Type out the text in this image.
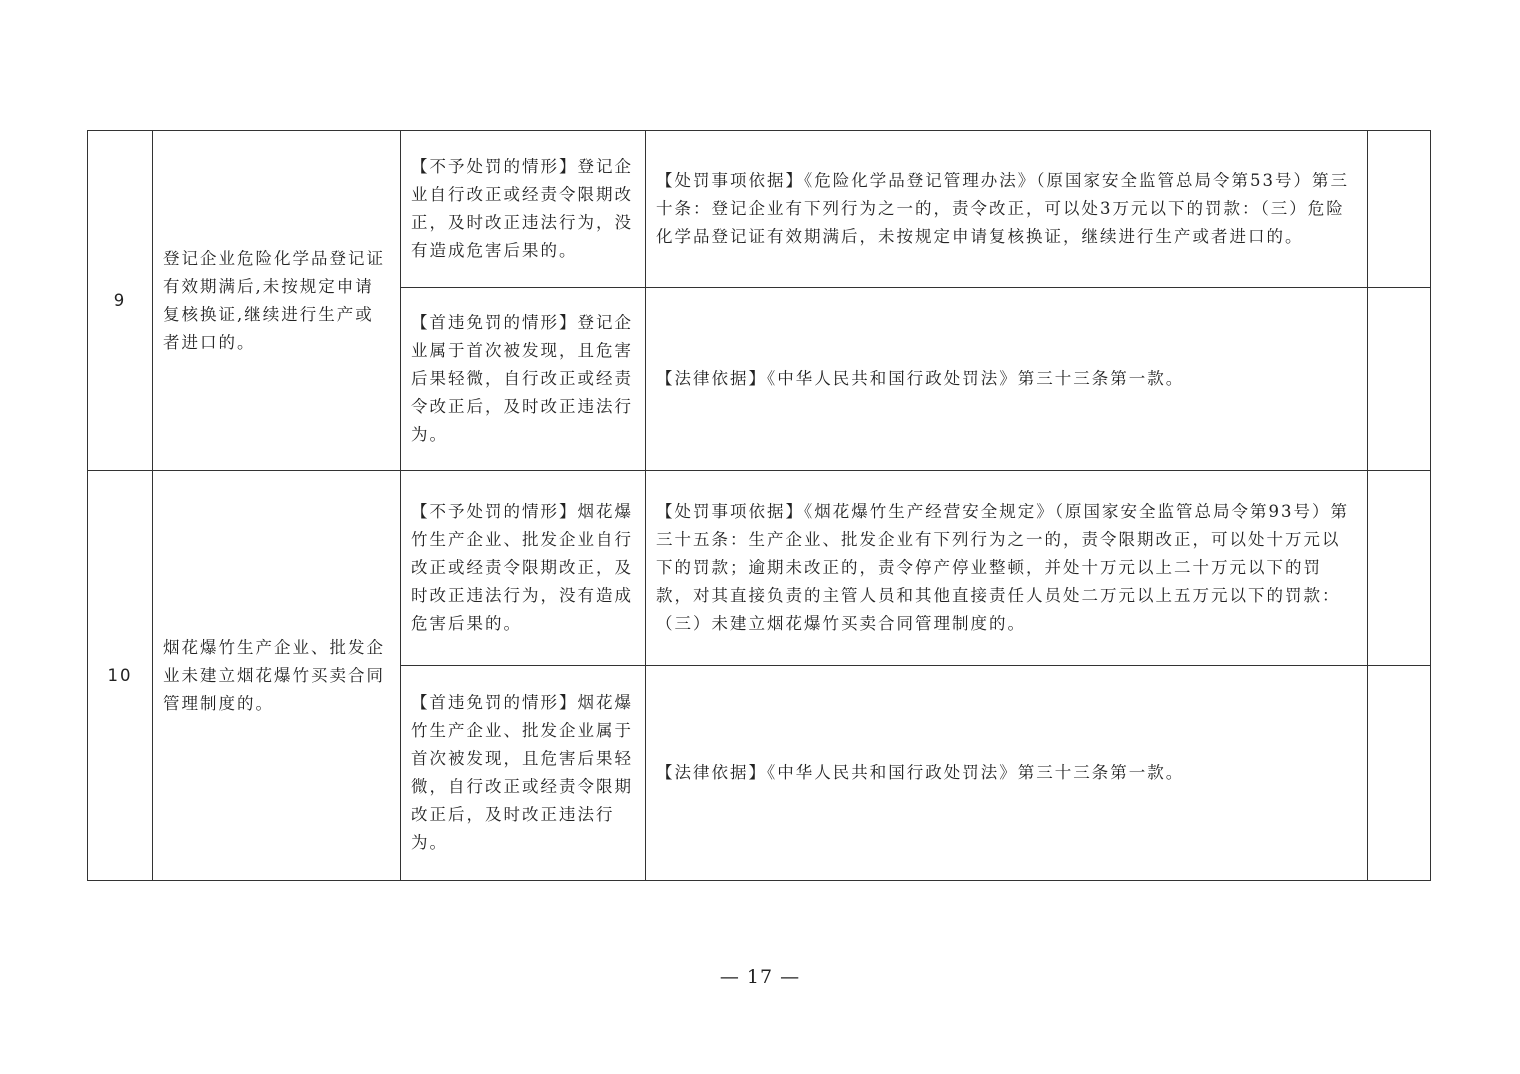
9	登记企业危险化学品登记证有效期满后,未按规定申请复核换证,继续进行生产或者进口的。	【不予处罚的情形】登记企业自行改正或经责令限期改正，及时改正违法行为，没有造成危害后果的。	【处罚事项依据】《危险化学品登记管理办法》（原国家安全监管总局令第53号）第三十条：登记企业有下列行为之一的，责令改正，可以处3万元以下的罚款：（三）危险化学品登记证有效期满后，未按规定申请复核换证，继续进行生产或者进口的。	
		【首违免罚的情形】登记企业属于首次被发现，且危害后果轻微，自行改正或经责令改正后，及时改正违法行为。	【法律依据】《中华人民共和国行政处罚法》第三十三条第一款。	
10	烟花爆竹生产企业、批发企业未建立烟花爆竹买卖合同管理制度的。	【不予处罚的情形】烟花爆竹生产企业、批发企业自行改正或经责令限期改正，及时改正违法行为，没有造成危害后果的。	【处罚事项依据】《烟花爆竹生产经营安全规定》（原国家安全监管总局令第93号）第三十五条：生产企业、批发企业有下列行为之一的，责令限期改正，可以处十万元以下的罚款；逾期未改正的，责令停产停业整顿，并处十万元以上二十万元以下的罚款，对其直接负责的主管人员和其他直接责任人员处二万元以上五万元以下的罚款：（三）未建立烟花爆竹买卖合同管理制度的。	
		【首违免罚的情形】烟花爆竹生产企业、批发企业属于首次被发现，且危害后果轻微，自行改正或经责令限期改正后，及时改正违法行为。	【法律依据】《中华人民共和国行政处罚法》第三十三条第一款。	
— 17 —
